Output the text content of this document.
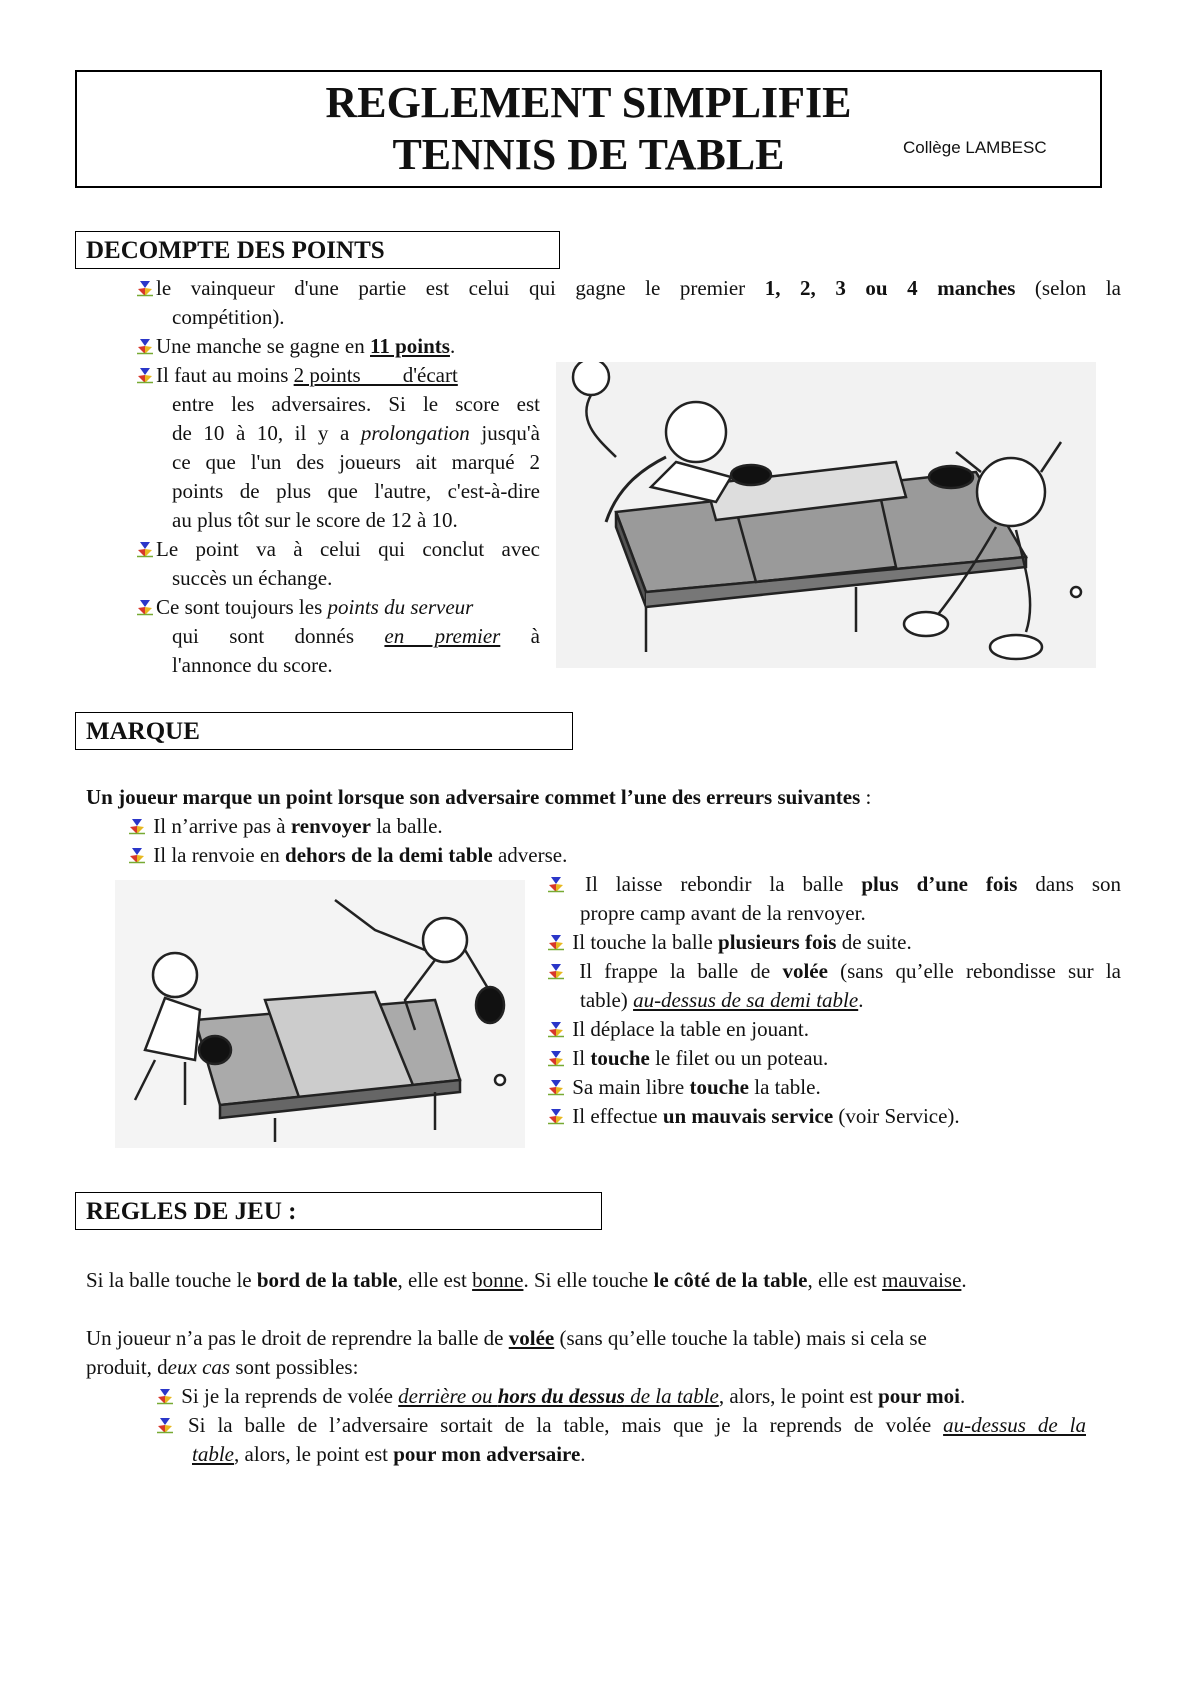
REGLEMENT SIMPLIFIE
TENNIS DE TABLE	Collège LAMBESC
DECOMPTE DES POINTS
le vainqueur d'une partie est celui qui gagne le premier 1, 2, 3 ou 4 manches (selon la
compétition).
Une manche se gagne en 11 points.
Il faut au moins 2 points        d'écart
entre les adversaires. Si le score est
de 10 à 10, il y a prolongation jusqu'à
ce que l'un des joueurs ait marqué 2
points de plus que l'autre, c'est-à-dire
au plus tôt sur le score de 12 à 10.
Le point va à celui qui conclut avec
succès un échange.
Ce sont toujours les points du serveur
qui sont donnés en premier à
l'annonce du score.
MARQUE
Un joueur marque un point lorsque son adversaire commet l’une des erreurs suivantes :
Il n’arrive pas à renvoyer la balle.
Il la renvoie en dehors de la demi table adverse.
Il laisse rebondir la balle plus d’une fois dans son
propre camp avant de la renvoyer.
Il touche la balle plusieurs fois de suite.
Il frappe la balle de volée (sans qu’elle rebondisse sur la
table) au-dessus de sa demi table.
Il déplace la table en jouant.
Il touche le filet ou un poteau.
Sa main libre touche la table.
Il effectue un mauvais service (voir Service).
REGLES DE JEU :
Si la balle touche le bord de la table, elle est bonne. Si elle touche le côté de la table, elle est mauvaise.
Un joueur n’a pas le droit de reprendre la balle de volée (sans qu’elle touche la table) mais si cela se
produit, deux cas sont possibles:
Si je la reprends de volée derrière ou hors du dessus de la table, alors, le point est pour moi.
Si la balle de l’adversaire sortait de la table, mais que je la reprends de volée au-dessus de la
table, alors, le point est pour mon adversaire.
